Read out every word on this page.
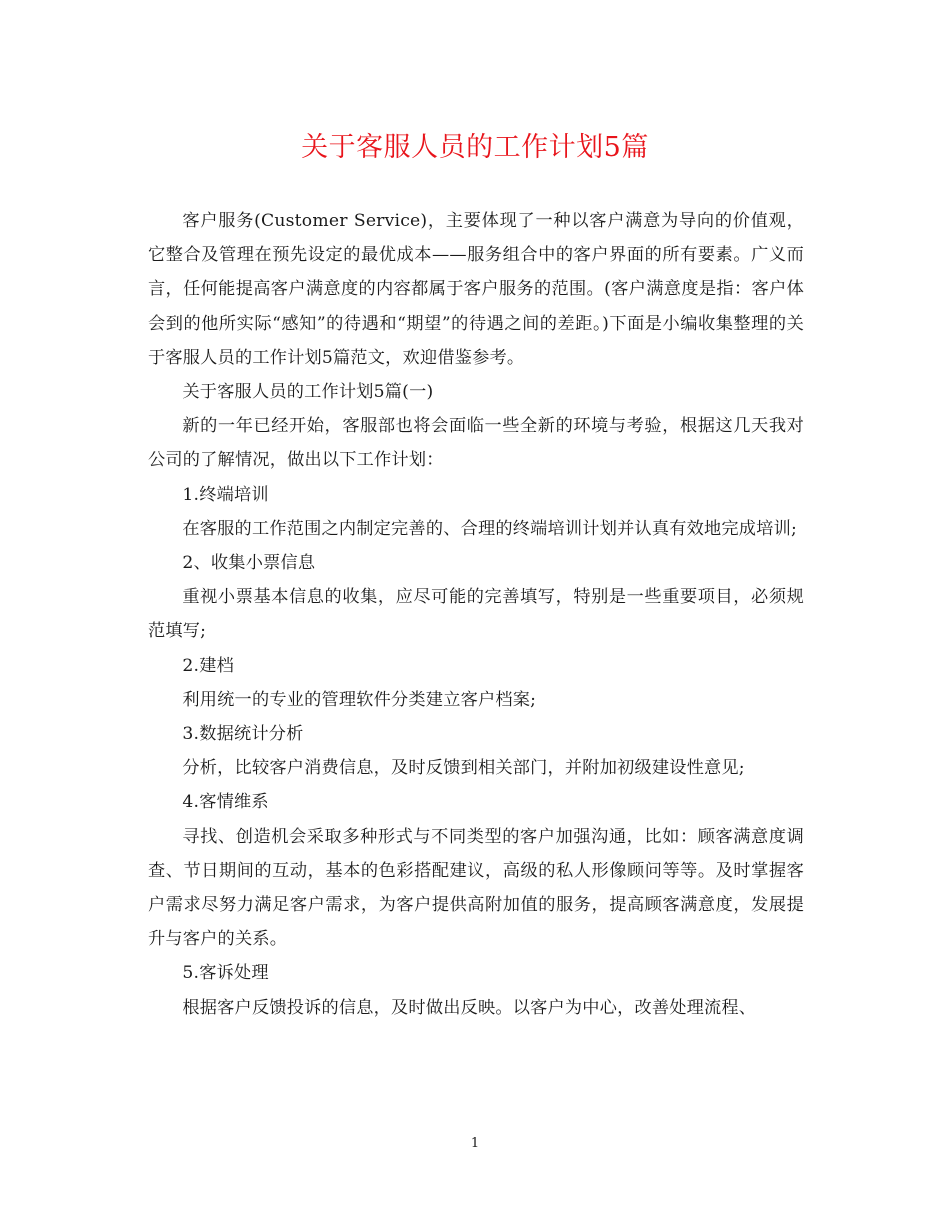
关于客服人员的工作计划5篇

客户服务(Customer Service)，主要体现了一种以客户满意为导向的价值观，它整合及管理在预先设定的最优成本——服务组合中的客户界面的所有要素。广义而言，任何能提高客户满意度的内容都属于客户服务的范围。(客户满意度是指：客户体会到的他所实际“感知”的待遇和“期望”的待遇之间的差距。)下面是小编收集整理的关于客服人员的工作计划5篇范文，欢迎借鉴参考。

关于客服人员的工作计划5篇(一)

新的一年已经开始，客服部也将会面临一些全新的环境与考验，根据这几天我对公司的了解情况，做出以下工作计划：

1.终端培训

在客服的工作范围之内制定完善的、合理的终端培训计划并认真有效地完成培训;

2、收集小票信息

重视小票基本信息的收集，应尽可能的完善填写，特别是一些重要项目，必须规范填写;

2.建档

利用统一的专业的管理软件分类建立客户档案;

3.数据统计分析

分析，比较客户消费信息，及时反馈到相关部门，并附加初级建设性意见;

4.客情维系

寻找、创造机会采取多种形式与不同类型的客户加强沟通，比如：顾客满意度调查、节日期间的互动，基本的色彩搭配建议，高级的私人形像顾问等等。及时掌握客户需求尽努力满足客户需求，为客户提供高附加值的服务，提高顾客满意度，发展提升与客户的关系。

5.客诉处理

根据客户反馈投诉的信息，及时做出反映。以客户为中心，改善处理流程、

1
